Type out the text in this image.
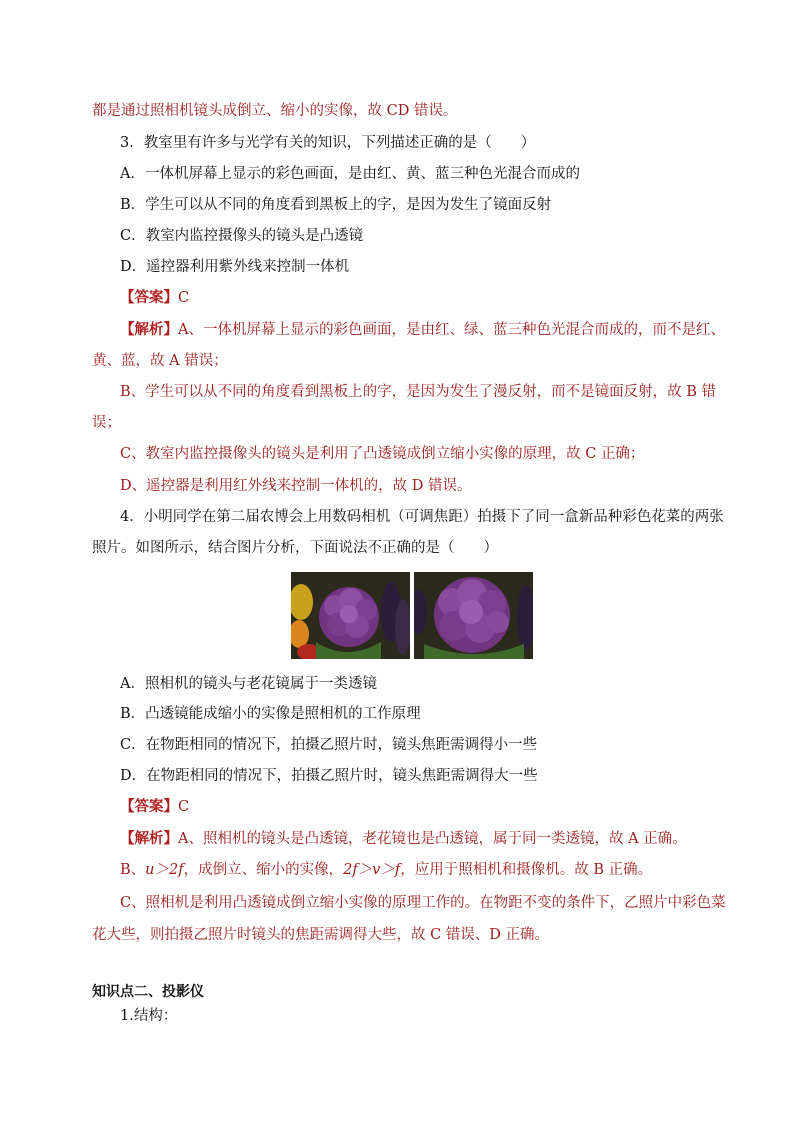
都是通过照相机镜头成倒立、缩小的实像，故 CD 错误。
3．教室里有许多与光学有关的知识，下列描述正确的是（　　）
A．一体机屏幕上显示的彩色画面，是由红、黄、蓝三种色光混合而成的
B．学生可以从不同的角度看到黑板上的字，是因为发生了镜面反射
C．教室内监控摄像头的镜头是凸透镜
D．遥控器利用紫外线来控制一体机
【答案】C
【解析】A、一体机屏幕上显示的彩色画面，是由红、绿、蓝三种色光混合而成的，而不是红、
黄、蓝，故 A 错误；
B、学生可以从不同的角度看到黑板上的字，是因为发生了漫反射，而不是镜面反射，故 B 错
误；
C、教室内监控摄像头的镜头是利用了凸透镜成倒立缩小实像的原理，故 C 正确；
D、遥控器是利用红外线来控制一体机的，故 D 错误。
4．小明同学在第二届农博会上用数码相机（可调焦距）拍摄下了同一盒新品种彩色花菜的两张
照片。如图所示，结合图片分析，下面说法不正确的是（　　）
A．照相机的镜头与老花镜属于一类透镜
B．凸透镜能成缩小的实像是照相机的工作原理
C．在物距相同的情况下，拍摄乙照片时，镜头焦距需调得小一些
D．在物距相同的情况下，拍摄乙照片时，镜头焦距需调得大一些
【答案】C
【解析】A、照相机的镜头是凸透镜，老花镜也是凸透镜，属于同一类透镜，故 A 正确。
B、u＞2f，成倒立、缩小的实像，2f＞v＞f，应用于照相机和摄像机。故 B 正确。
C、照相机是利用凸透镜成倒立缩小实像的原理工作的。在物距不变的条件下，乙照片中彩色菜
花大些，则拍摄乙照片时镜头的焦距需调得大些，故 C 错误、D 正确。
知识点二、投影仪
1.结构：
